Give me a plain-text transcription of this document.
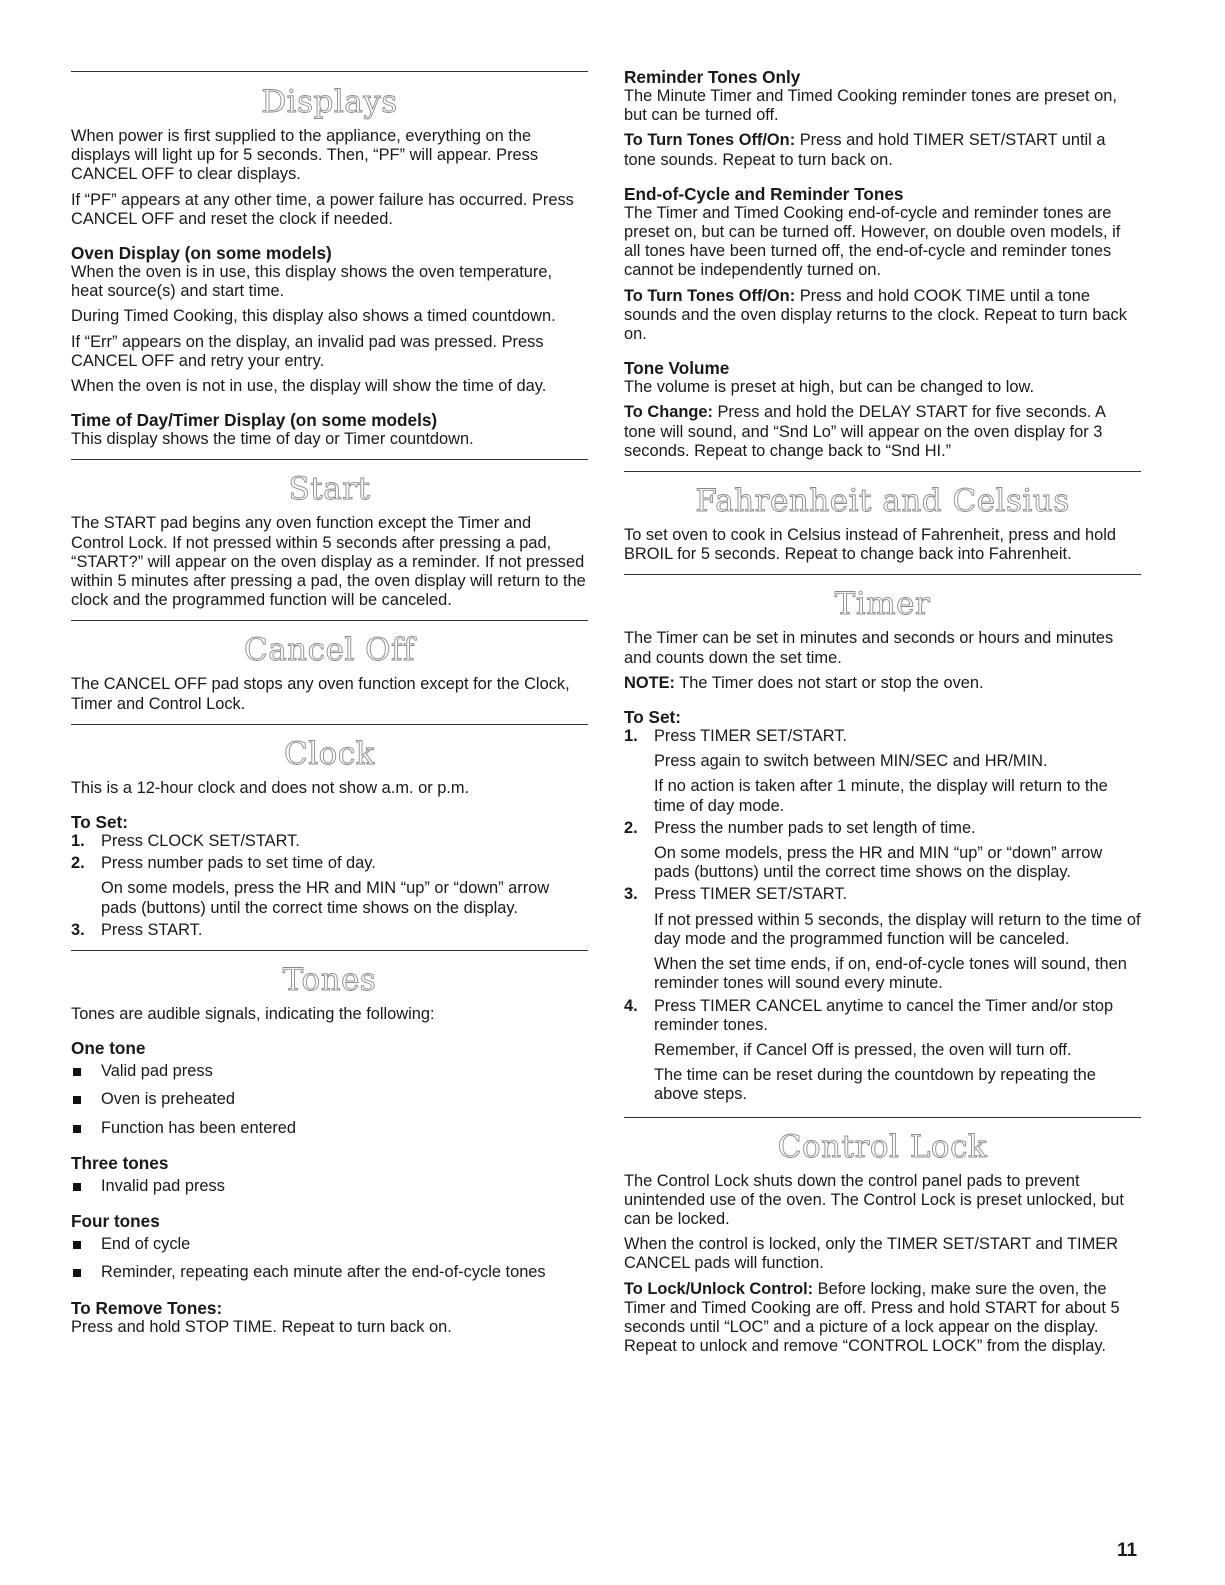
Displays

When power is first supplied to the appliance, everything on the displays will light up for 5 seconds. Then, “PF” will appear. Press CANCEL OFF to clear displays.

If “PF” appears at any other time, a power failure has occurred. Press CANCEL OFF and reset the clock if needed.

Oven Display (on some models)

When the oven is in use, this display shows the oven temperature, heat source(s) and start time.

During Timed Cooking, this display also shows a timed countdown.

If “Err” appears on the display, an invalid pad was pressed. Press CANCEL OFF and retry your entry.

When the oven is not in use, the display will show the time of day.

Time of Day/Timer Display (on some models)

This display shows the time of day or Timer countdown.

Start

The START pad begins any oven function except the Timer and Control Lock. If not pressed within 5 seconds after pressing a pad, “START?” will appear on the oven display as a reminder. If not pressed within 5 minutes after pressing a pad, the oven display will return to the clock and the programmed function will be canceled.

Cancel Off

The CANCEL OFF pad stops any oven function except for the Clock, Timer and Control Lock.

Clock

This is a 12-hour clock and does not show a.m. or p.m.

To Set:
1. Press CLOCK SET/START.
2. Press number pads to set time of day.

On some models, press the HR and MIN “up” or “down” arrow pads (buttons) until the correct time shows on the display.

3. Press START.
Tones

Tones are audible signals, indicating the following:

One tone
Valid pad press
Oven is preheated
Function has been entered
Three tones
Invalid pad press
Four tones
End of cycle
Reminder, repeating each minute after the end-of-cycle tones
To Remove Tones:

Press and hold STOP TIME. Repeat to turn back on.

Reminder Tones Only

The Minute Timer and Timed Cooking reminder tones are preset on, but can be turned off.

To Turn Tones Off/On: Press and hold TIMER SET/START until a tone sounds. Repeat to turn back on.

End-of-Cycle and Reminder Tones

The Timer and Timed Cooking end-of-cycle and reminder tones are preset on, but can be turned off. However, on double oven models, if all tones have been turned off, the end-of-cycle and reminder tones cannot be independently turned on.

To Turn Tones Off/On: Press and hold COOK TIME until a tone sounds and the oven display returns to the clock. Repeat to turn back on.

Tone Volume

The volume is preset at high, but can be changed to low.

To Change: Press and hold the DELAY START for five seconds. A tone will sound, and “Snd Lo” will appear on the oven display for 3 seconds. Repeat to change back to “Snd HI.”

Fahrenheit and Celsius

To set oven to cook in Celsius instead of Fahrenheit, press and hold BROIL for 5 seconds. Repeat to change back into Fahrenheit.

Timer

The Timer can be set in minutes and seconds or hours and minutes and counts down the set time.

NOTE: The Timer does not start or stop the oven.

To Set:
1. Press TIMER SET/START.

Press again to switch between MIN/SEC and HR/MIN.

If no action is taken after 1 minute, the display will return to the time of day mode.

2. Press the number pads to set length of time.

On some models, press the HR and MIN “up” or “down” arrow pads (buttons) until the correct time shows on the display.

3. Press TIMER SET/START.

If not pressed within 5 seconds, the display will return to the time of day mode and the programmed function will be canceled.

When the set time ends, if on, end-of-cycle tones will sound, then reminder tones will sound every minute.

4. Press TIMER CANCEL anytime to cancel the Timer and/or stop reminder tones.

Remember, if Cancel Off is pressed, the oven will turn off.

The time can be reset during the countdown by repeating the above steps.

Control Lock

The Control Lock shuts down the control panel pads to prevent unintended use of the oven. The Control Lock is preset unlocked, but can be locked.

When the control is locked, only the TIMER SET/START and TIMER CANCEL pads will function.

To Lock/Unlock Control: Before locking, make sure the oven, the Timer and Timed Cooking are off. Press and hold START for about 5 seconds until “LOC” and a picture of a lock appear on the display. Repeat to unlock and remove “CONTROL LOCK” from the display.

11
